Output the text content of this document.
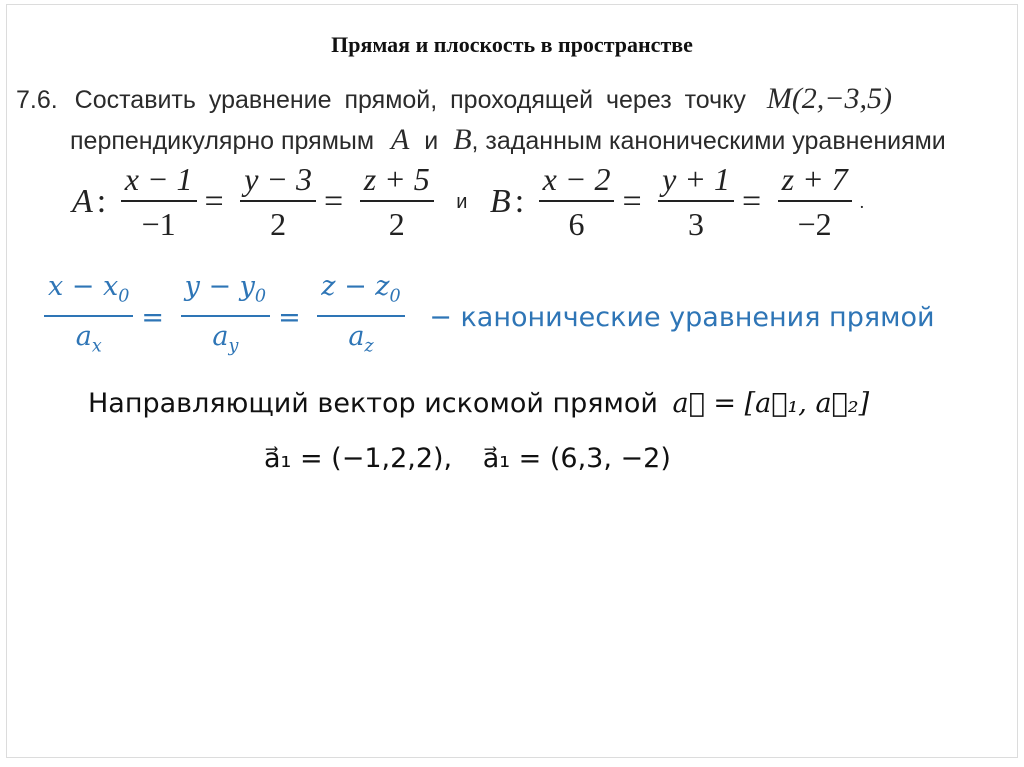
Прямая и плоскость в пространстве
7.6. Составить уравнение прямой, проходящей через точку M(2,−3,5)
перпендикулярно прямым A и B, заданным каноническими уравнениями
A : $\frac{x - 1}{-1} = \frac{y - 3}{2} = \frac{z + 5}{2}$ и B : $\frac{x - 2}{6} = \frac{y + 1}{3} = \frac{z + 7}{-2}$ .
$\frac{x - x_0}{a_x} = \frac{y - y_0}{a_y} = \frac{z - z_0}{a_z}$ − канонические уравнения прямой
Направляющий вектор искомой прямой a⃗ = [a⃗₁, a⃗₂]
a⃗₁ = (−1,2,2), a⃗₁ = (6,3, −2)
